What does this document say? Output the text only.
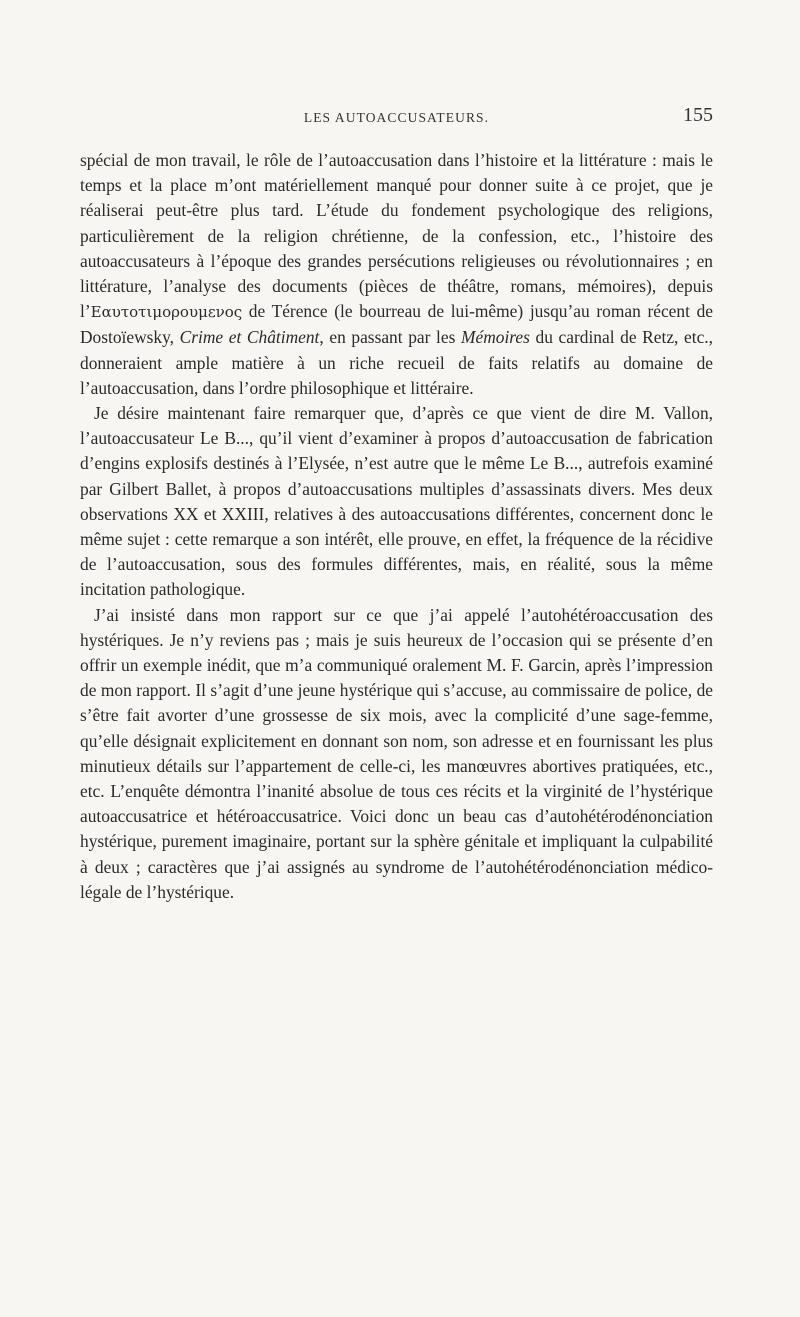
LES AUTOACCUSATEURS.	155

spécial de mon travail, le rôle de l’autoaccusation dans l’histoire et la littérature : mais le temps et la place m’ont matériellement manqué pour donner suite à ce projet, que je réaliserai peut-être plus tard. L’étude du fondement psychologique des religions, particulièrement de la religion chrétienne, de la confession, etc., l’histoire des autoaccusateurs à l’époque des grandes persécutions religieuses ou révolutionnaires ; en littérature, l’analyse des documents (pièces de théâtre, romans, mémoires), depuis l’Εαυτοτιμορουμενος de Térence (le bourreau de lui-même) jusqu’au roman récent de Dostoïewsky, Crime et Châtiment, en passant par les Mémoires du cardinal de Retz, etc., donneraient ample matière à un riche recueil de faits relatifs au domaine de l’autoaccusation, dans l’ordre philosophique et littéraire.

Je désire maintenant faire remarquer que, d’après ce que vient de dire M. Vallon, l’autoaccusateur Le B..., qu’il vient d’examiner à propos d’autoaccusation de fabrication d’engins explosifs destinés à l’Elysée, n’est autre que le même Le B..., autrefois examiné par Gilbert Ballet, à propos d’autoaccusations multiples d’assassinats divers. Mes deux observations XX et XXIII, relatives à des autoaccusations différentes, concernent donc le même sujet : cette remarque a son intérêt, elle prouve, en effet, la fréquence de la récidive de l’autoaccusation, sous des formules différentes, mais, en réalité, sous la même incitation pathologique.

J’ai insisté dans mon rapport sur ce que j’ai appelé l’autohétéroaccusation des hystériques. Je n’y reviens pas ; mais je suis heureux de l’occasion qui se présente d’en offrir un exemple inédit, que m’a communiqué oralement M. F. Garcin, après l’impression de mon rapport. Il s’agit d’une jeune hystérique qui s’accuse, au commissaire de police, de s’être fait avorter d’une grossesse de six mois, avec la complicité d’une sage-femme, qu’elle désignait explicitement en donnant son nom, son adresse et en fournissant les plus minutieux détails sur l’appartement de celle-ci, les manœuvres abortives pratiquées, etc., etc. L’enquête démontra l’inanité absolue de tous ces récits et la virginité de l’hystérique autoaccusatrice et hétéroaccusatrice. Voici donc un beau cas d’autohétérodénonciation hystérique, purement imaginaire, portant sur la sphère génitale et impliquant la culpabilité à deux ; caractères que j’ai assignés au syndrome de l’autohétérodénonciation médico-légale de l’hystérique.
